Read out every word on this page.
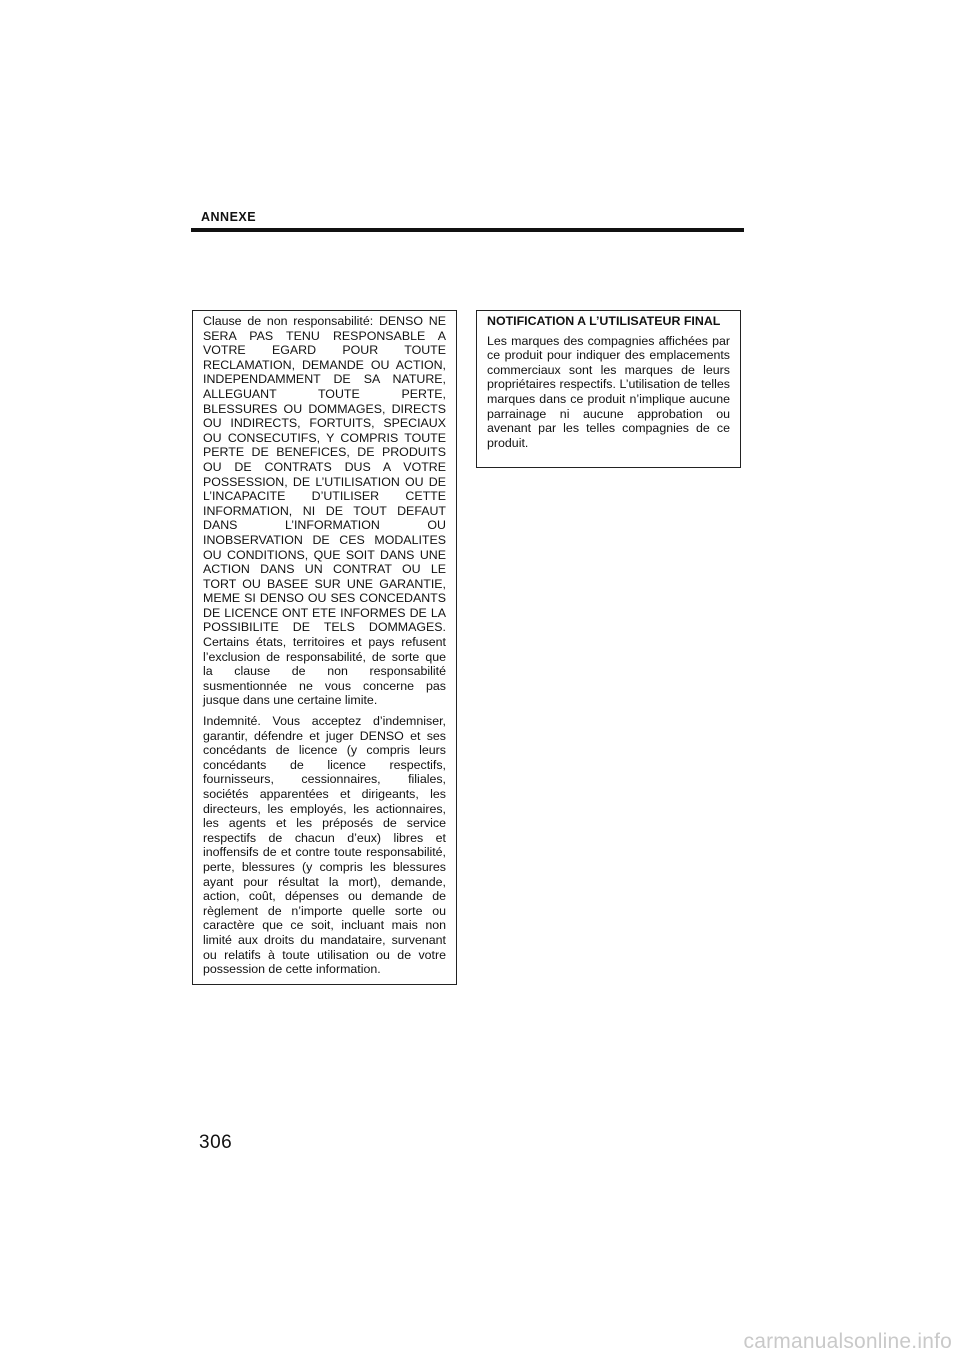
ANNEXE

Clause de non responsabilité: DENSO NE SERA PAS TENU RESPONSABLE A VOTRE EGARD POUR TOUTE RECLAMATION, DEMANDE OU ACTION, INDEPENDAMMENT DE SA NATURE, ALLEGUANT TOUTE PERTE, BLESSURES OU DOMMAGES, DIRECTS OU INDIRECTS, FORTUITS, SPECIAUX OU CONSECUTIFS, Y COMPRIS TOUTE PERTE DE BENEFICES, DE PRODUITS OU DE CONTRATS DUS A VOTRE POSSESSION, DE L’UTILISATION OU DE L’INCAPACITE D’UTILISER CETTE INFORMATION, NI DE TOUT DEFAUT DANS L’INFORMATION OU INOBSERVATION DE CES MODALITES OU CONDITIONS, QUE SOIT DANS UNE ACTION DANS UN CONTRAT OU LE TORT OU BASEE SUR UNE GARANTIE, MEME SI DENSO OU SES CONCEDANTS DE LICENCE ONT ETE INFORMES DE LA POSSIBILITE DE TELS DOMMAGES. Certains états, territoires et pays refusent l’exclusion de responsabilité, de sorte que la clause de non responsabilité susmentionnée ne vous concerne pas jusque dans une certaine limite.

Indemnité. Vous acceptez d’indemniser, garantir, défendre et juger DENSO et ses concédants de licence (y compris leurs concédants de licence respectifs, fournisseurs, cessionnaires, filiales, sociétés apparentées et dirigeants, les directeurs, les employés, les actionnaires, les agents et les préposés de service respectifs de chacun d’eux) libres et inoffensifs de et contre toute responsabilité, perte, blessures (y compris les blessures ayant pour résultat la mort), demande, action, coût, dépenses ou demande de règlement de n’importe quelle sorte ou caractère que ce soit, incluant mais non limité aux droits du mandataire, survenant ou relatifs à toute utilisation ou de votre possession de cette information.

NOTIFICATION A L’UTILISATEUR FINAL

Les marques des compagnies affichées par ce produit pour indiquer des emplacements commerciaux sont les marques de leurs propriétaires respectifs. L’utilisation de telles marques dans ce produit n’implique aucune parrainage ni aucune approbation ou avenant par les telles compagnies de ce produit.

306

carmanualsonline.info
